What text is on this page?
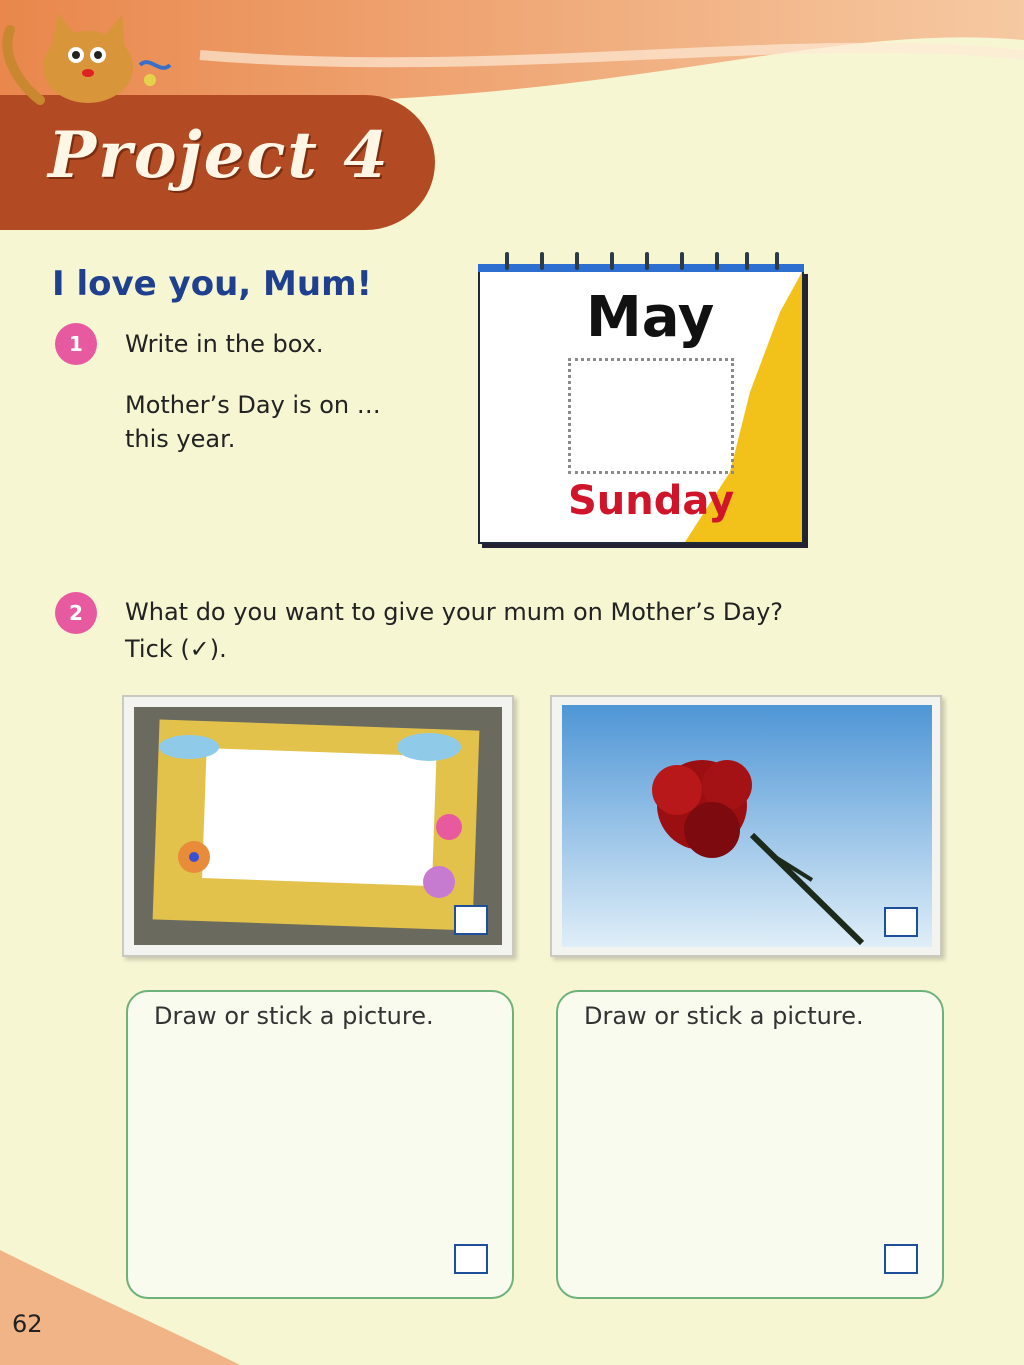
Project 4
I love you, Mum!
1	Write in the box.
Mother’s Day is on …
this year.
May
Sunday
2	What do you want to give your mum on Mother’s Day?
Tick (✓).
Draw or stick a picture.	Draw or stick a picture.
62
